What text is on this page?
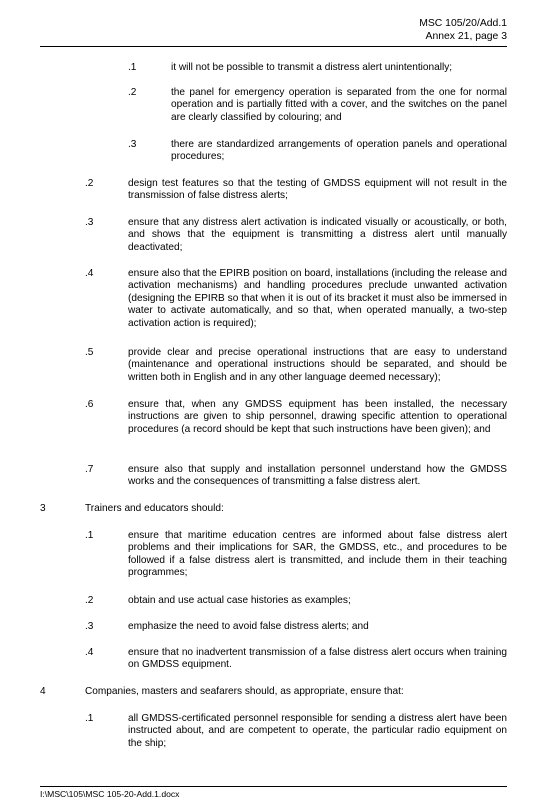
MSC 105/20/Add.1
Annex 21, page 3
.1	it will not be possible to transmit a distress alert unintentionally;
.2	the panel for emergency operation is separated from the one for normal operation and is partially fitted with a cover, and the switches on the panel are clearly classified by colouring; and
.3	there are standardized arrangements of operation panels and operational procedures;
.2	design test features so that the testing of GMDSS equipment will not result in the transmission of false distress alerts;
.3	ensure that any distress alert activation is indicated visually or acoustically, or both, and shows that the equipment is transmitting a distress alert until manually deactivated;
.4	ensure also that the EPIRB position on board, installations (including the release and activation mechanisms) and handling procedures preclude unwanted activation (designing the EPIRB so that when it is out of its bracket it must also be immersed in water to activate automatically, and so that, when operated manually, a two-step activation action is required);
.5	provide clear and precise operational instructions that are easy to understand (maintenance and operational instructions should be separated, and should be written both in English and in any other language deemed necessary);
.6	ensure that, when any GMDSS equipment has been installed, the necessary instructions are given to ship personnel, drawing specific attention to operational procedures (a record should be kept that such instructions have been given); and
.7	ensure also that supply and installation personnel understand how the GMDSS works and the consequences of transmitting a false distress alert.
3	Trainers and educators should:
.1	ensure that maritime education centres are informed about false distress alert problems and their implications for SAR, the GMDSS, etc., and procedures to be followed if a false distress alert is transmitted, and include them in their teaching programmes;
.2	obtain and use actual case histories as examples;
.3	emphasize the need to avoid false distress alerts; and
.4	ensure that no inadvertent transmission of a false distress alert occurs when training on GMDSS equipment.
4	Companies, masters and seafarers should, as appropriate, ensure that:
.1	all GMDSS-certificated personnel responsible for sending a distress alert have been instructed about, and are competent to operate, the particular radio equipment on the ship;
I:\MSC\105\MSC 105-20-Add.1.docx
